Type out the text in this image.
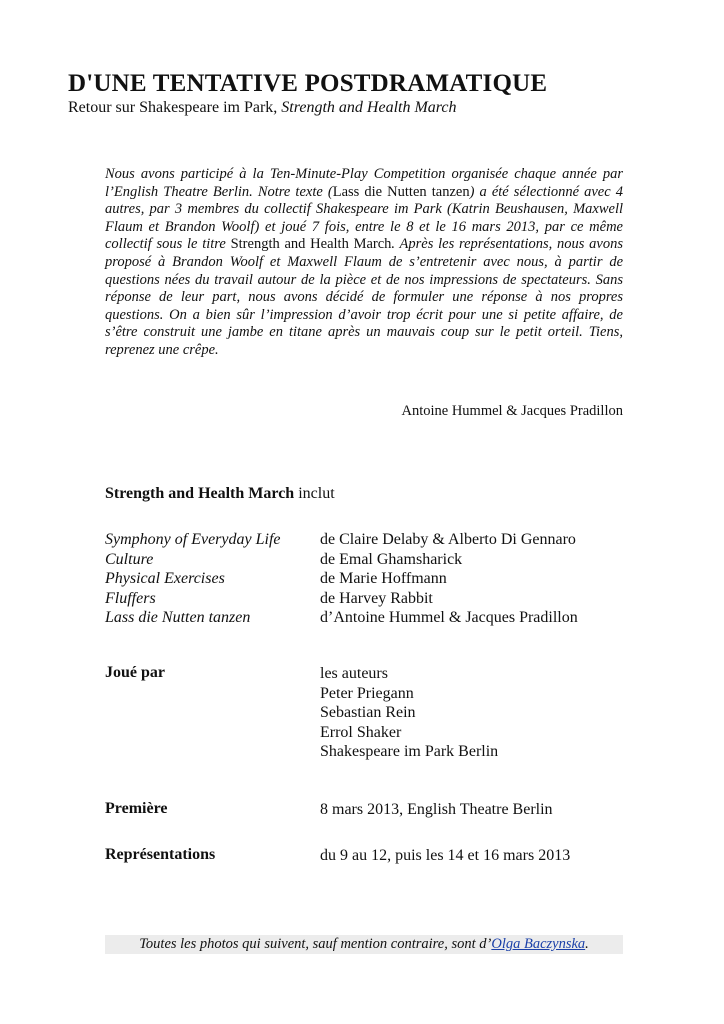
D'UNE TENTATIVE POSTDRAMATIQUE
Retour sur Shakespeare im Park, Strength and Health March
Nous avons participé à la Ten-Minute-Play Competition organisée chaque année par l’English Theatre Berlin. Notre texte (Lass die Nutten tanzen) a été sélectionné avec 4 autres, par 3 membres du collectif Shakespeare im Park (Katrin Beushausen, Maxwell Flaum et Brandon Woolf) et joué 7 fois, entre le 8 et le 16 mars 2013, par ce même collectif sous le titre Strength and Health March. Après les représentations, nous avons proposé à Brandon Woolf et Maxwell Flaum de s’entretenir avec nous, à partir de questions nées du travail autour de la pièce et de nos impressions de spectateurs. Sans réponse de leur part, nous avons décidé de formuler une réponse à nos propres questions. On a bien sûr l’impression d’avoir trop écrit pour une si petite affaire, de s’être construit une jambe en titane après un mauvais coup sur le petit orteil. Tiens, reprenez une crêpe.
Antoine Hummel & Jacques Pradillon
Strength and Health March inclut
Symphony of Everyday Life	de Claire Delaby & Alberto Di Gennaro
Culture	de Emal Ghamsharick
Physical Exercises	de Marie Hoffmann
Fluffers	de Harvey Rabbit
Lass die Nutten tanzen	d’Antoine Hummel & Jacques Pradillon
Joué par	les auteurs
Peter Priegann
Sebastian Rein
Errol Shaker
Shakespeare im Park Berlin
Première	8 mars 2013, English Theatre Berlin
Représentations	du 9 au 12, puis les 14 et 16 mars 2013
Toutes les photos qui suivent, sauf mention contraire, sont d’Olga Baczynska.
